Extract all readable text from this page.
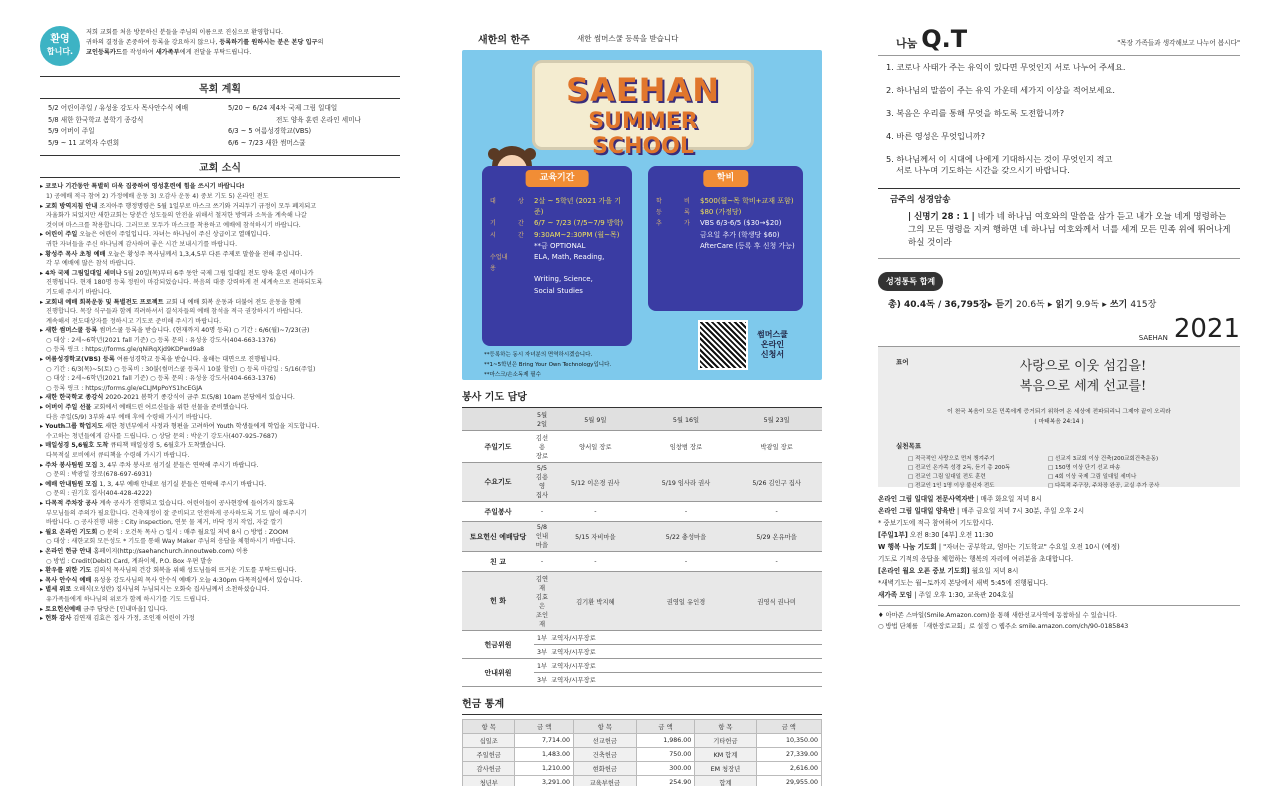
환영
합니다.
저희 교회를 처음 방문하신 분들을 주님의 이름으로 진심으로 환영합니다.
귀하의 결정을 존중하여 등록을 강요하지 않으나, 등록하기를 원하시는 분은 본당 입구의
교인등록카드를 작성하여 새가족부에게 전달을 부탁드립니다.
목회 계획
5/2 어린이주일 / 유성웅 강도사 목사안수식 예배
5/8 새한 한국학교 봄학기 종강식
5/9 어버이 주일
5/9 ~ 11 교역자 수련회
5/20 ~ 6/24 제4차 국제 그림 일대일
전도 양육 훈련 온라인 세미나
6/3 ~ 5 여름성경학교(VBS)
6/6 ~ 7/23 새한 썸머스쿨
교회 소식
▸ 코로나 기간동안 특별히 더욱 집중하여 영성훈련에 힘을 쓰시기 바랍니다!
1) 공예배 적극 참여 2) 가정예배 운동 3) 오감사 운동 4) 중보 기도 5) 온라인 전도
▸ 교회 방역지침 안내 조지아주 행정명령은 5월 1일부로 마스크 쓰기와 거리두기 규정이 모두 폐지되고
자율화가 되었지만 새한교회는 당분간 성도들의 안전을 위해서 철저한 방역과 소독을 계속해 나갈
것이며 마스크를 착용합니다. 그러므로 모두가 마스크를 착용하고 예배에 참석하시기 바랍니다.
▸ 어린이 주일 오늘은 어린이 주일입니다. 자녀는 하나님이 주신 상급이고 열매입니다.
귀한 자녀들을 주신 하나님께 감사하며 좋은 시간 보내시기를 바랍니다.
▸ 황성주 목사 초청 예배 오늘은 황성주 목사님께서 1,3,4,5부 다른 주제로 말씀을 전해 주십니다.
각 부 예배에 많은 참석 바랍니다.
▸ 4차 국제 그림일대일 세미나 5월 20일(목)부터 6주 동안 국제 그림 일대일 전도 양육 훈련 세미나가
진행됩니다. 현재 180명 등록 정원이 마감되었습니다. 복음의 대중 강력하게 전 세계속으로 전파되도록
기도해 주시기 바랍니다.
▸ 교회내 예배 회복운동 및 특별전도 프로젝트 교회 내 예배 회복 운동과 더불어 전도 운동을 함께
진행합니다. 목장 식구들과 함께 격려하셔서 결석자들의 예배 참석을 적극 권장하시기 바랍니다.
계속해서 전도대상자를 정하시고 기도로 준비해 주시기 바랍니다.
▸ 새한 썸머스쿨 등록 썸머스쿨 등록을 받습니다. (현재까지 40명 등록) ○ 기간 : 6/6(월)~7/23(금)
○ 대상 : 2세~6학년(2021 fall 기준) ○ 등록 문의 : 유성웅 강도사(404-663-1376)
○ 등록 링크 : https://forms.gle/qNiRqXjd9KDPwd9a8
▸ 여름성경학교(VBS) 등록 여름성경학교 등록을 받습니다. 올해는 대면으로 진행됩니다.
○ 기간 : 6/3(목)~5(토) ○ 등록비 : 30불(썸머스쿨 등록시 10불 할인) ○ 등록 마감일 : 5/16(주일)
○ 대상 : 2세~6학년(2021 fall 기준) ○ 등록 문의 : 유성웅 강도사(404-663-1376)
○ 등록 링크 : https://forms.gle/eCLJMpPoYS1hcEGJA
▸ 새한 한국학교 종강식 2020-2021 봄학기 종강식이 금주 토(5/8) 10am 본당에서 있습니다.
▸ 어버이 주일 선물 교회에서 예배드린 어르신들을 위한 선물을 준비했습니다.
다음 주일(5/9) 3부와 4부 예배 후에 수령해 가시기 바랍니다.
▸ Youth그룹 학업지도 새한 청년부에서 사정과 형편을 고려하여 Youth 학생들에게 학업을 지도합니다.
수고하는 청년들에게 감사를 드립니다. ○ 상담 문의 : 박운기 강도사(407-925-7687)
▸ 매일성경 5,6월호 도착 큐티책 매일성경 5, 6월호가 도착했습니다.
다목적실 로비에서 큐티책을 수령해 가시기 바랍니다.
▸ 주차 봉사팀원 모집 3, 4부 주차 봉사로 섬기실 분들은 연락해 주시기 바랍니다.
○ 문의 : 박광일 장로(678-697-6931)
▸ 예배 안내팀원 모집 1, 3, 4부 예배 안내로 섬기실 분들은 연락해 주시기 바랍니다.
○ 문의 : 권기호 집사(404-428-4222)
▸ 다목적 주차장 공사 계속 공사가 진행되고 있습니다. 어린이들이 공사현장에 들어가지 않도록
부모님들의 주의가 필요합니다. 건축재정이 잘 준비되고 안전하게 공사하도록 기도 많이 해주시기
바랍니다. ○ 공사진행 내용 : City inspection, 연못 물 제거, 바닥 정지 작업, 자갈 깔기
▸ 월요 온라인 기도회 ○ 문의 : 오건독 목사 ○ 일시 : 매주 월요일 저녁 8시 ○ 방법 : ZOOM
○ 대상 : 새한교회 모든성도 * 기도를 통해 Way Maker 주님의 응답을 체험하시기 바랍니다.
▸ 온라인 헌금 안내 홈페이지(http://saehanchurch.innoutweb.com) 이용
○ 방법 : Credit(Debit) Card, 계좌이체, P.O. Box 우편 발송
▸ 환우를 위한 기도 김의석 목사님의 건강 회복을 위해 성도님들의 뜨거운 기도를 부탁드립니다.
▸ 목사 안수식 예배 유성웅 강도사님의 목사 안수식 예배가 오늘 4:30pm 다목적실에서 있습니다.
▸ 별세 위로 오해식(오성란) 집사님의 누님되시는 오화숙 집사님께서 소천하셨습니다.
유가족들에게 하나님의 위로가 함께 하시기를 기도 드립니다.
▸ 토요헌신예배 금주 담당은 [인내마을] 입니다.
▸ 헌화 감사 김연재 김효은 집사 가정, 조인재 어린이 가정
새한의 한주	새한 썸머스쿨 등록을 받습니다
SAEHAN
SUMMER SCHOOL
교육기간
대	상	2살 ~ 5학년 (2021 가을 기준)
기	간	6/7 ~ 7/23 (7/5~7/9 방학)
시	간	9:30AM~2:30PM (월~목)
**금 OPTIONAL
수업내용
ELA, Math, Reading,
Writing, Science,
Social Studies
학비
학	비	$500(월~목 학비+교재 포함)
등	록	$80 (가정당)
추	가	VBS 6/3-6/5 ($30→$20)
금요일 추가 (학생당 $60)
AfterCare (등록 후 신청 가능)
**등록하는 동시 자녀분의 면역하시겠습니다.
**1~5학년은 Bring Your Own Technology입니다.
**마스크/손소독제 필수
썸머스쿨
온라인
신청서
봉사 기도 담당
	5월 2일	5월 9일	5월 16일	5월 23일
주일기도	김선용 장로	양서일 장로	임창범 장로	박광일 장로
수요기도	5/5 김용영 집사	5/12 이은경 권사	5/19 임사라 권사	5/26 김인구 집사
주일봉사	-	-	-	-
토요헌신 예배담당	5/8 인내마을	5/15 자비마을	5/22 충성마을	5/29 온유마을
친 교	-	-	-	-
헌 화	김연재 김효은 조인재	김기환 박지혜	권영일 유인경	권영식 권나미
헌금위원	1부	교역자/시무장로		
	3부	교역자/시무장로		
안내위원	1부	교역자/시무장로		
	3부	교역자/시무장로		
헌금 통계
항 목	금 액	항 목	금 액	항 목	금 액
십일조	7,714.00	선교헌금	1,986.00	기타헌금	10,350.00
주일헌금	1,483.00	건축헌금	750.00	KM 합계	27,339.00
감사헌금	1,210.00	현화헌금	300.00	EM 청장년	2,616.00
청년부	3,291.00	교육부헌금	254.90	합계	29,955.00
나눔 Q.T	"목장 가족들과 생각해보고 나누어 봅시다"
1. 코로나 사태가 주는 유익이 있다면 무엇인지 서로 나누어 주세요.
2. 하나님의 말씀이 주는 유익 가운데 세가지 이상을 적어보세요.
3. 복음은 우리를 통해 무엇을 하도록 도전합니까?
4. 바른 영성은 무엇입니까?
5. 하나님께서 이 시대에 나에게 기대하시는 것이 무엇인지 적고
서로 나누며 기도하는 시간을 갖으시기 바랍니다.
금주의 성경암송
| 신명기 28 : 1 | 네가 네 하나님 여호와의 말씀을 삼가 듣고 내가 오늘 네게 명령하는 그의 모든 명령을 지켜 행하면 네 하나님 여호와께서 너를 세계 모든 민족 위에 뛰어나게 하실 것이라
성경통독 합계
총) 40.4독 / 36,795장▸ 듣기 20.6독 ▸ 읽기 9.9독 ▸ 쓰기 415장
SAEHAN 2021
표어	사랑으로 이웃 섬김을!
복음으로 세계 선교를!
이 천국 복음이 모든 민족에게 증거되기 위하여 온 세상에 전파되리니 그제야 끝이 오리라
( 마태복음 24:14 )
실천목표
□ 적극적인 사랑으로 먼저 챙겨주기	□ 선교지 3교회 이상 건축(200교회건축운동)
□ 전교인 온가족 성경 2독, 듣기 총 200독	□ 150명 이상 단기 선교 파송
□ 전교인 그림 일대일 전도 훈련	□ 4회 이상 국제 그림 일대일 세미나
□ 전교인 1인 1명 이상 불신자 전도	□ 다목적 주구장, 주차장 완공, 교실 추가 공사
온라인 그림 일대일 전문사역자반 | 매주 화요일 저녁 8시
온라인 그림 일대일 양육반 | 매주 금요일 저녁 7시 30분, 주일 오후 2시
* 중보기도에 적극 참여하여 기도합시다.
[주일1부] 오전 8:30 [4부] 오전 11:30
W 행복 나눔 기도회 | "자녀는 공부학교, 엄마는 기도학교" 수요일 오전 10시 (예정)
기도로 기적의 응답을 체험하는 행복의 자리에 여러분을 초대합니다.
[온라인 월요 오픈 중보 기도회] 월요일 저녁 8시
*새벽기도는 월~토까지 본당에서 새벽 5:45에 진행됩니다.
새가족 모임 | 주일 오후 1:30, 교육관 204호실
♦ 아마존 스마일(Smile.Amazon.com)을 통해 새한선교사역에 동참하실 수 있습니다.
○ 방법 단체를 「새한장로교회」로 설정 ○ 웹주소 smile.amazon.com/ch/90-0185843
